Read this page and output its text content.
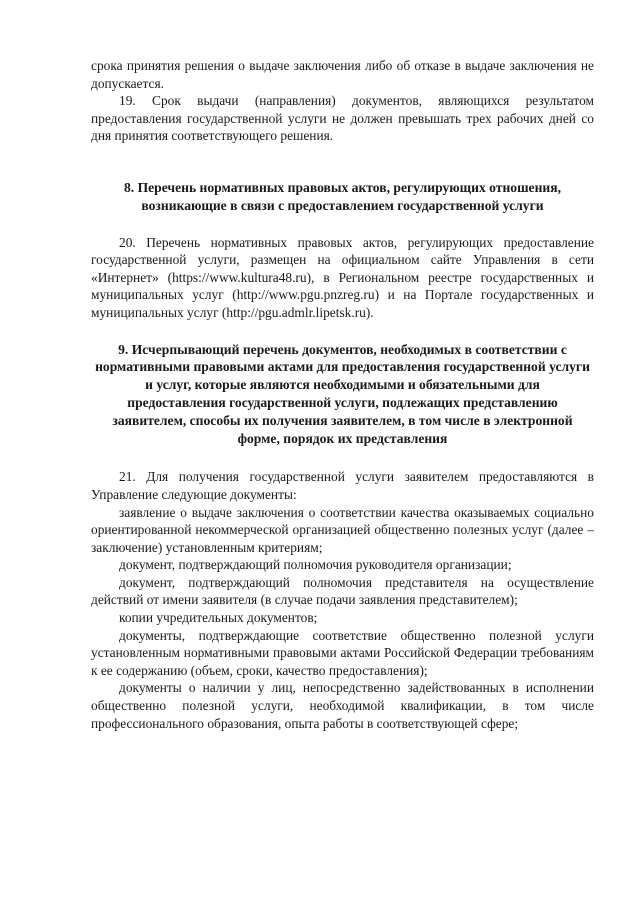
срока принятия решения о выдаче заключения либо об отказе в выдаче заключения не допускается.

19. Срок выдачи (направления) документов, являющихся результатом предоставления государственной услуги не должен превышать трех рабочих дней со дня принятия соответствующего решения.

8. Перечень нормативных правовых актов, регулирующих отношения, возникающие в связи с предоставлением государственной услуги

20. Перечень нормативных правовых актов, регулирующих предоставление государственной услуги, размещен на официальном сайте Управления в сети «Интернет» (https://www.kultura48.ru), в Региональном реестре государственных и муниципальных услуг (http://www.pgu.pnzreg.ru) и на Портале государственных и муниципальных услуг (http://pgu.admlr.lipetsk.ru).

9. Исчерпывающий перечень документов, необходимых в соответствии с нормативными правовыми актами для предоставления государственной услуги и услуг, которые являются необходимыми и обязательными для предоставления государственной услуги, подлежащих представлению заявителем, способы их получения заявителем, в том числе в электронной форме, порядок их представления

21. Для получения государственной услуги заявителем предоставляются в Управление следующие документы:

заявление о выдаче заключения о соответствии качества оказываемых социально ориентированной некоммерческой организацией общественно полезных услуг (далее – заключение) установленным критериям;

документ, подтверждающий полномочия руководителя организации;

документ, подтверждающий полномочия представителя на осуществление действий от имени заявителя (в случае подачи заявления представителем);

копии учредительных документов;

документы, подтверждающие соответствие общественно полезной услуги установленным нормативными правовыми актами Российской Федерации требованиям к ее содержанию (объем, сроки, качество предоставления);

документы о наличии у лиц, непосредственно задействованных в исполнении общественно полезной услуги, необходимой квалификации, в том числе профессионального образования, опыта работы в соответствующей сфере;
